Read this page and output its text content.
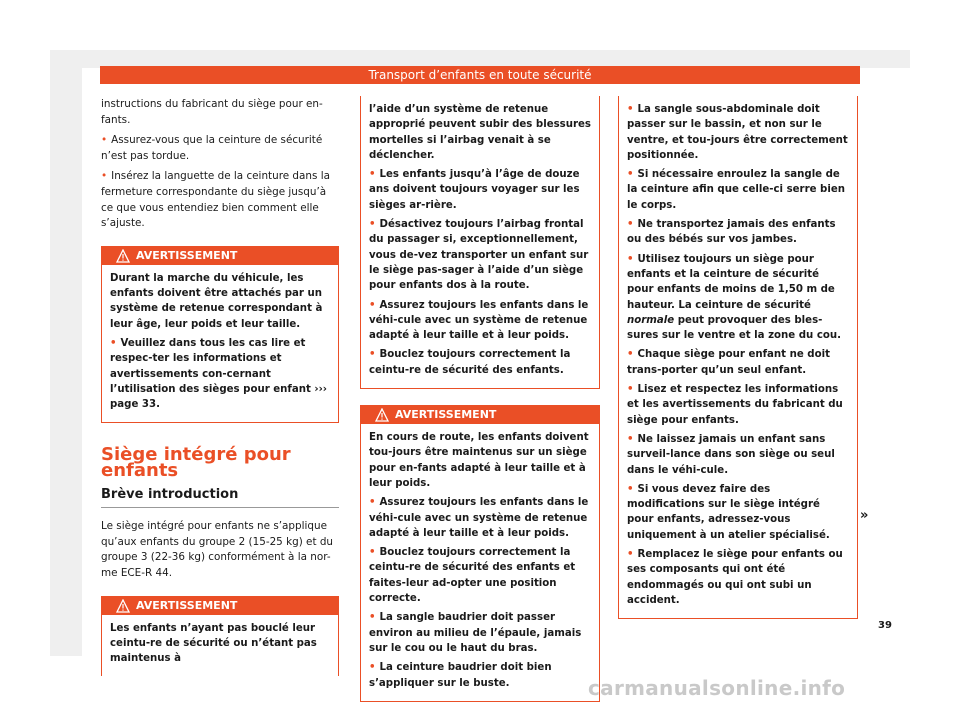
Transport d’enfants en toute sécurité

instructions du fabricant du siège pour en-fants.

• Assurez-vous que la ceinture de sécurité n’est pas tordue.

• Insérez la languette de la ceinture dans la fermeture correspondante du siège jusqu’à ce que vous entendiez bien comment elle s’ajuste.

AVERTISSEMENT

Durant la marche du véhicule, les enfants doivent être attachés par un système de retenue correspondant à leur âge, leur poids et leur taille.

• Veuillez dans tous les cas lire et respec-ter les informations et avertissements con-cernant l’utilisation des sièges pour enfant ››› page 33.

Siège intégré pour enfants

Brève introduction

Le siège intégré pour enfants ne s’applique qu’aux enfants du groupe 2 (15-25 kg) et du groupe 3 (22-36 kg) conformément à la nor-me ECE-R 44.

AVERTISSEMENT

Les enfants n’ayant pas bouclé leur ceintu-re de sécurité ou n’étant pas maintenus à

l’aide d’un système de retenue approprié peuvent subir des blessures mortelles si l’airbag venait à se déclencher.

• Les enfants jusqu’à l’âge de douze ans doivent toujours voyager sur les sièges ar-rière.

• Désactivez toujours l’airbag frontal du passager si, exceptionnellement, vous de-vez transporter un enfant sur le siège pas-sager à l’aide d’un siège pour enfants dos à la route.

• Assurez toujours les enfants dans le véhi-cule avec un système de retenue adapté à leur taille et à leur poids.

• Bouclez toujours correctement la ceintu-re de sécurité des enfants.

AVERTISSEMENT

En cours de route, les enfants doivent tou-jours être maintenus sur un siège pour en-fants adapté à leur taille et à leur poids.

• Assurez toujours les enfants dans le véhi-cule avec un système de retenue adapté à leur taille et à leur poids.

• Bouclez toujours correctement la ceintu-re de sécurité des enfants et faites-leur ad-opter une position correcte.

• La sangle baudrier doit passer environ au milieu de l’épaule, jamais sur le cou ou le haut du bras.

• La ceinture baudrier doit bien s’appliquer sur le buste.

• La sangle sous-abdominale doit passer sur le bassin, et non sur le ventre, et tou-jours être correctement positionnée.

• Si nécessaire enroulez la sangle de la ceinture afin que celle-ci serre bien le corps.

• Ne transportez jamais des enfants ou des bébés sur vos jambes.

• Utilisez toujours un siège pour enfants et la ceinture de sécurité pour enfants de moins de 1,50 m de hauteur. La ceinture de sécurité normale peut provoquer des bles-sures sur le ventre et la zone du cou.

• Chaque siège pour enfant ne doit trans-porter qu’un seul enfant.

• Lisez et respectez les informations et les avertissements du fabricant du siège pour enfants.

• Ne laissez jamais un enfant sans surveil-lance dans son siège ou seul dans le véhi-cule.

• Si vous devez faire des modifications sur le siège intégré pour enfants, adressez-vous uniquement à un atelier spécialisé.

• Remplacez le siège pour enfants ou ses composants qui ont été endommagés ou qui ont subi un accident.

»
39
carmanualsonline.info
